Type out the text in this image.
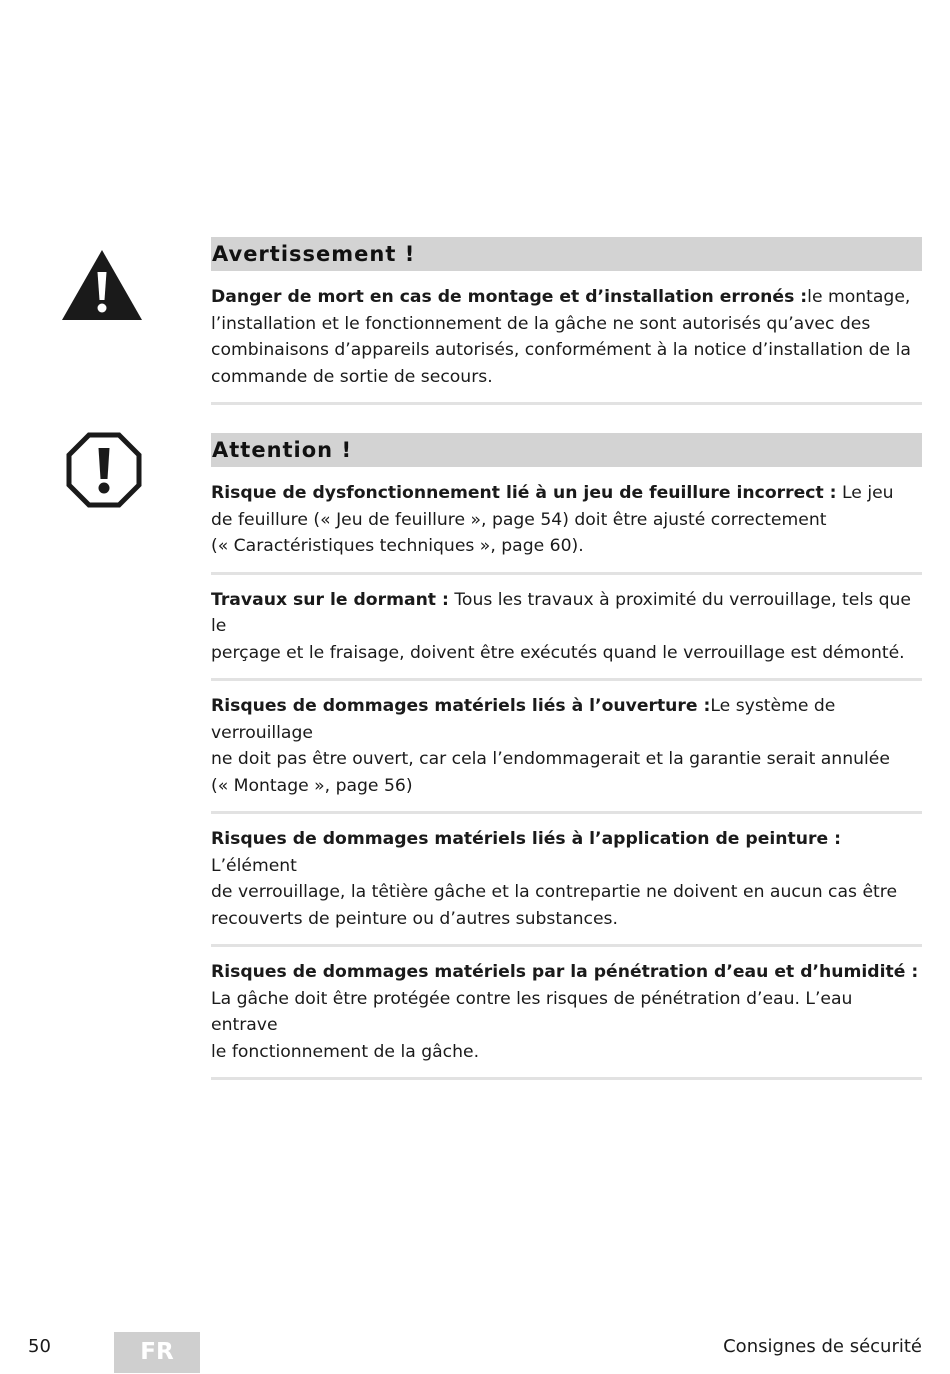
Avertissement !

Danger de mort en cas de montage et d’installation erronés :le montage,
l’installation et le fonctionnement de la gâche ne sont autorisés qu’avec des
combinaisons d’appareils autorisés, conformément à la notice d’installation de la
commande de sortie de secours.

Attention !

Risque de dysfonctionnement lié à un jeu de feuillure incorrect : Le jeu
de feuillure (« Jeu de feuillure », page 54) doit être ajusté correctement
(« Caractéristiques techniques », page 60).

Travaux sur le dormant : Tous les travaux à proximité du verrouillage, tels que le
perçage et le fraisage, doivent être exécutés quand le verrouillage est démonté.

Risques de dommages matériels liés à l’ouverture :Le système de verrouillage
ne doit pas être ouvert, car cela l’endommagerait et la garantie serait annulée
(« Montage », page 56)

Risques de dommages matériels liés à l’application de peinture : L’élément
de verrouillage, la têtière gâche et la contrepartie ne doivent en aucun cas être
recouverts de peinture ou d’autres substances.

Risques de dommages matériels par la pénétration d’eau et d’humidité :
La gâche doit être protégée contre les risques de pénétration d’eau. L’eau entrave
le fonctionnement de la gâche.

50	FR	Consignes de sécurité
